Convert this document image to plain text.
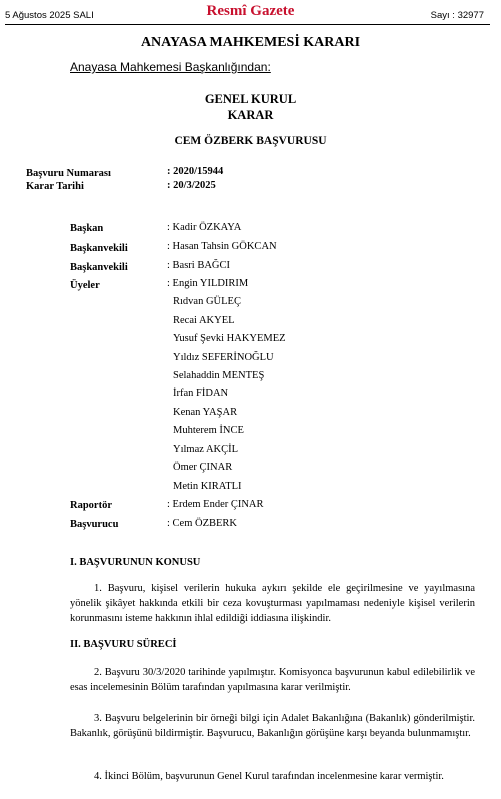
5 Ağustos 2025 SALI	Resmî Gazete	Sayı : 32977
ANAYASA MAHKEMESİ KARARI
Anayasa Mahkemesi Başkanlığından:
GENEL KURUL
KARAR
CEM ÖZBERK BAŞVURUSU
Başvuru Numarası	: 2020/15944
Karar Tarihi	: 20/3/2025
Başkan	: Kadir ÖZKAYA
Başkanvekili	: Hasan Tahsin GÖKCAN
Başkanvekili	: Basri BAĞCI
Üyeler	: Engin YILDIRIM
Rıdvan GÜLEÇ
Recai AKYEL
Yusuf Şevki HAKYEMEZ
Yıldız SEFERİNOĞLU
Selahaddin MENTEŞ
İrfan FİDAN
Kenan YAŞAR
Muhterem İNCE
Yılmaz AKÇİL
Ömer ÇINAR
Metin KIRATLI
Raportör	: Erdem Ender ÇINAR
Başvurucu	: Cem ÖZBERK
I. BAŞVURUNUN KONUSU
1. Başvuru, kişisel verilerin hukuka aykırı şekilde ele geçirilmesine ve yayılmasına yönelik şikâyet hakkında etkili bir ceza kovuşturması yapılmaması nedeniyle kişisel verilerin korunmasını isteme hakkının ihlal edildiği iddiasına ilişkindir.
II. BAŞVURU SÜRECİ
2. Başvuru 30/3/2020 tarihinde yapılmıştır. Komisyonca başvurunun kabul edilebilirlik ve esas incelemesinin Bölüm tarafından yapılmasına karar verilmiştir.
3. Başvuru belgelerinin bir örneği bilgi için Adalet Bakanlığına (Bakanlık) gönderilmiştir. Bakanlık, görüşünü bildirmiştir. Başvurucu, Bakanlığın görüşüne karşı beyanda bulunmamıştır.
4. İkinci Bölüm, başvurunun Genel Kurul tarafından incelenmesine karar vermiştir.
